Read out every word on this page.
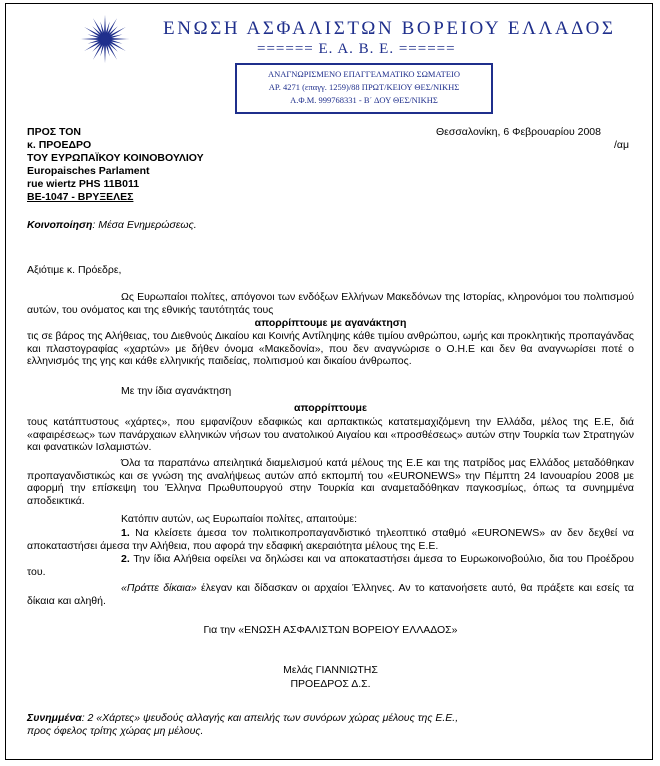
ΕΝΩΣΗ ΑΣΦΑΛΙΣΤΩΝ ΒΟΡΕΙΟΥ ΕΛΛΑΔΟΣ
====== Ε. Α. Β. Ε. ======
ΑΝΑΓΝΩΡΙΣΜΕΝΟ ΕΠΑΓΓΕΛΜΑΤΙΚΟ ΣΩΜΑΤΕΙΟ
ΑΡ. 4271 (επαγγ. 1259)/88 ΠΡΩΤ/ΚΕΙΟΥ ΘΕΣ/ΝΙΚΗΣ
Α.Φ.Μ. 999768331 - Β΄ ΔΟΥ ΘΕΣ/ΝΙΚΗΣ
ΠΡΟΣ ΤΟΝ
κ. ΠΡΟΕΔΡΟ
ΤΟΥ ΕΥΡΩΠΑΪΚΟΥ ΚΟΙΝΟΒΟΥΛΙΟΥ
Europaisches Parlament
rue wiertz PHS 11B011
BE-1047 - ΒΡΥΞΕΛΕΣ
Θεσσαλονίκη, 6 Φεβρουαρίου 2008
/αμ
Κοινοποίηση: Μέσα Ενημερώσεως.
Αξιότιμε κ. Πρόεδρε,
Ως Ευρωπαίοι πολίτες, απόγονοι των ενδόξων Ελλήνων Μακεδόνων της Ιστορίας, κληρονόμοι του πολιτισμού αυτών, του ονόματος και της εθνικής ταυτότητάς τους
απορρίπτουμε με αγανάκτηση
τις σε βάρος της Αλήθειας, του Διεθνούς Δικαίου και Κοινής Αντίληψης κάθε τιμίου ανθρώπου, ωμής και προκλητικής προπαγάνδας και πλαστογραφίας «χαρτών» με δήθεν όνομα «Μακεδονία», που δεν αναγνώρισε ο Ο.Η.Ε και δεν θα αναγνωρίσει ποτέ ο ελληνισμός της γης και κάθε ελληνικής παιδείας, πολιτισμού και δικαίου άνθρωπος.
Με την ίδια αγανάκτηση
απορρίπτουμε
τους κατάπτυστους «χάρτες», που εμφανίζουν εδαφικώς και αρπακτικώς κατατεμαχιζόμενη την Ελλάδα, μέλος της Ε.Ε, διά «αφαιρέσεως» των πανάρχαιων ελληνικών νήσων του ανατολικού Αιγαίου και «προσθέσεως» αυτών στην Τουρκία των Στρατηγών και φανατικών Ισλαμιστών.
Όλα τα παραπάνω απειλητικά διαμελισμού κατά μέλους της Ε.Ε και της πατρίδος μας Ελλάδος μεταδόθηκαν προπαγανδιστικώς και σε γνώση της αναλήψεως αυτών από εκπομπή του «EURONEWS» την Πέμπτη 24 Ιανουαρίου 2008 με αφορμή την επίσκεψη του Έλληνα Πρωθυπουργού στην Τουρκία και αναμεταδόθηκαν παγκοσμίως, όπως τα συνημμένα αποδεικτικά.
Κατόπιν αυτών, ως Ευρωπαίοι πολίτες, απαιτούμε:
1. Να κλείσετε άμεσα τον πολιτικοπροπαγανδιστικό τηλεοπτικό σταθμό «EURONEWS» αν δεν δεχθεί να αποκαταστήσει άμεσα την Αλήθεια, που αφορά την εδαφική ακεραιότητα μέλους της Ε.Ε.
2. Την ίδια Αλήθεια οφείλει να δηλώσει και να αποκαταστήσει άμεσα το Ευρωκοινοβούλιο, δια του Προέδρου του.
«Πράττε δίκαια» έλεγαν και δίδασκαν οι αρχαίοι Έλληνες. Αν το κατανοήσετε αυτό, θα πράξετε και εσείς τα δίκαια και αληθή.
Για την «ΕΝΩΣΗ ΑΣΦΑΛΙΣΤΩΝ ΒΟΡΕΙΟΥ ΕΛΛΑΔΟΣ»
Μελάς ΓΙΑΝΝΙΩΤΗΣ
ΠΡΟΕΔΡΟΣ Δ.Σ.
Συνημμένα: 2 «Χάρτες» ψευδούς αλλαγής και απειλής των συνόρων χώρας μέλους της Ε.Ε.,
προς όφελος τρίτης χώρας μη μέλους.
